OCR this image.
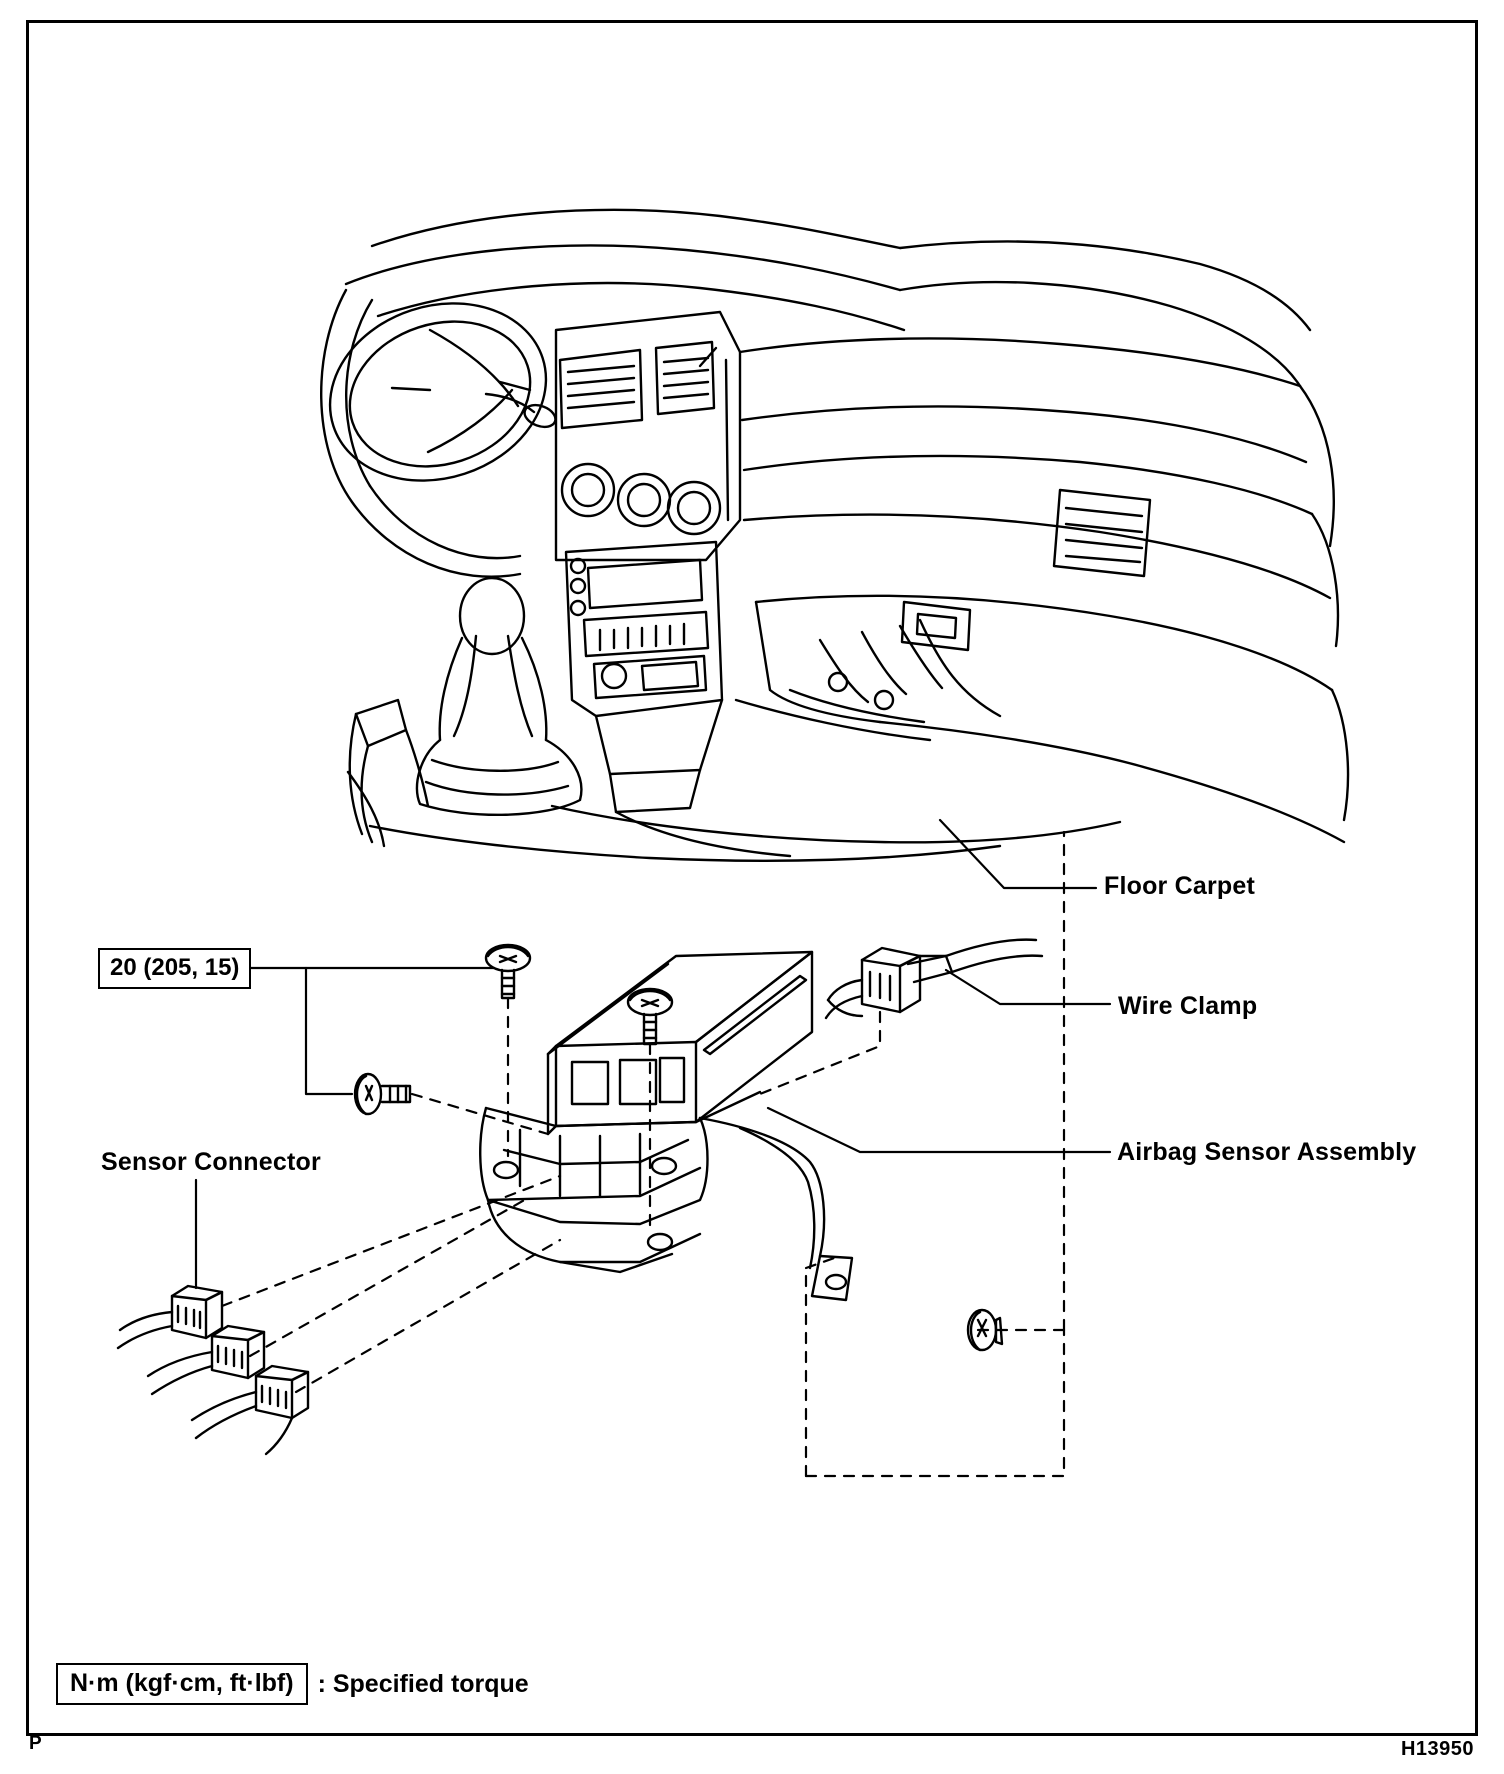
Floor Carpet
Wire Clamp
Airbag Sensor Assembly
Sensor Connector
20 (205, 15)
N·m (kgf·cm, ft·lbf) : Specified torque
P	H13950
